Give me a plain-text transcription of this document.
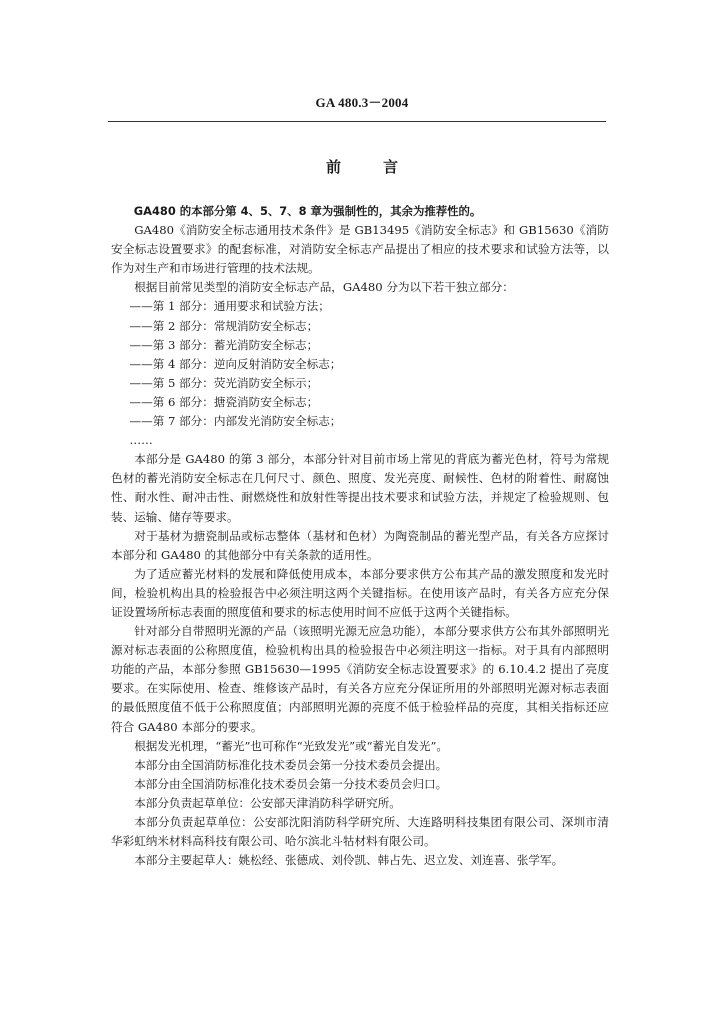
GA 480.3－2004
前言

GA480 的本部分第 4、5、7、8 章为强制性的，其余为推荐性的。

GA480《消防安全标志通用技术条件》是 GB13495《消防安全标志》和 GB15630《消防安全标志设置要求》的配套标准，对消防安全标志产品提出了相应的技术要求和试验方法等，以作为对生产和市场进行管理的技术法规。

根据目前常见类型的消防安全标志产品，GA480 分为以下若干独立部分：

——第 1 部分：通用要求和试验方法；

——第 2 部分：常规消防安全标志；

——第 3 部分：蓄光消防安全标志；

——第 4 部分：逆向反射消防安全标志；

——第 5 部分：荧光消防安全标示；

——第 6 部分：搪瓷消防安全标志；

——第 7 部分：内部发光消防安全标志；

……

本部分是 GA480 的第 3 部分，本部分针对目前市场上常见的背底为蓄光色材，符号为常规色材的蓄光消防安全标志在几何尺寸、颜色、照度、发光亮度、耐候性、色材的附着性、耐腐蚀性、耐水性、耐冲击性、耐燃烧性和放射性等提出技术要求和试验方法，并规定了检验规则、包装、运输、储存等要求。

对于基材为搪瓷制品或标志整体（基材和色材）为陶瓷制品的蓄光型产品，有关各方应探讨本部分和 GA480 的其他部分中有关条款的适用性。

为了适应蓄光材料的发展和降低使用成本，本部分要求供方公布其产品的激发照度和发光时间，检验机构出具的检验报告中必须注明这两个关键指标。在使用该产品时，有关各方应充分保证设置场所标志表面的照度值和要求的标志使用时间不应低于这两个关键指标。

针对部分自带照明光源的产品（该照明光源无应急功能），本部分要求供方公布其外部照明光源对标志表面的公称照度值，检验机构出具的检验报告中必须注明这一指标。对于具有内部照明功能的产品，本部分参照 GB15630—1995《消防安全标志设置要求》的 6.10.4.2 提出了亮度要求。在实际使用、检查、维修该产品时，有关各方应充分保证所用的外部照明光源对标志表面的最低照度值不低于公称照度值；内部照明光源的亮度不低于检验样品的亮度，其相关指标还应符合 GA480 本部分的要求。

根据发光机理，“蓄光”也可称作“光致发光”或“蓄光自发光”。

本部分由全国消防标准化技术委员会第一分技术委员会提出。

本部分由全国消防标准化技术委员会第一分技术委员会归口。

本部分负责起草单位：公安部天津消防科学研究所。

本部分负责起草单位：公安部沈阳消防科学研究所、大连路明科技集团有限公司、深圳市清华彩虹纳米材料高科技有限公司、哈尔滨北斗牯材料有限公司。

本部分主要起草人：姚松经、张德成、刘伶凯、韩占先、迟立发、刘连喜、张学军。
